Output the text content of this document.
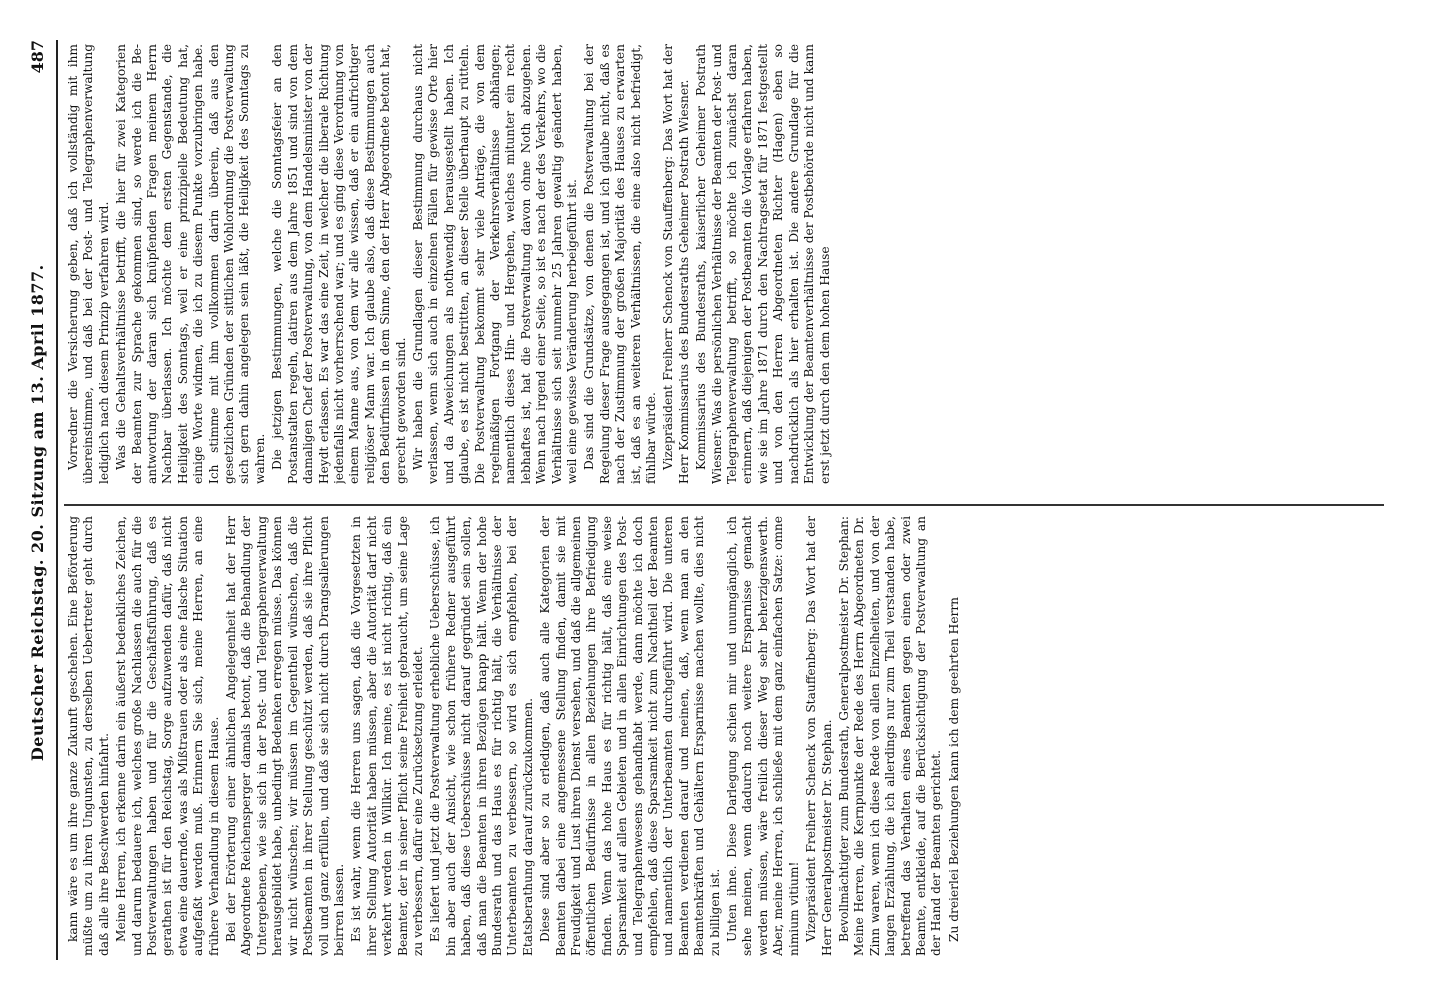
Deutscher Reichstag. 20. Sitzung am 13. April 1877.
487

kann wäre es um ihre ganze Zukunft geschehen. Eine Beförderung müßte um zu ihren Ungunsten, zu derselben Uebertreter geht durch daß alle ihre Beschwerden hinfahrt. Meine Herren, ich erkenne darin ein äußerst bedenkliches Zeichen, und darum bedauere ich, welches große Nachlassen die auch für die Postverwaltungen haben und für die Geschäftsführung, daß es gerathen ist für den Reichstag, Sorge aufzuwenden dafür, daß nicht etwa eine dauernde, was als Mißtrauen oder als eine falsche Situation aufgefaßt werden muß. Erinnern Sie sich, meine Herren, an eine frühere Verhandlung in diesem Hause. Bei der Erörterung einer ähnlichen Angelegenheit hat der Herr Abgeordnete Reichensperger damals betont, daß die Behandlung der Untergebenen, wie sie sich in der Post- und Telegraphenverwaltung herausgebildet habe, unbedingt Bedenken erregen müsse. Das können wir nicht wünschen; wir müssen im Gegentheil wünschen, daß die Postbeamten in ihrer Stellung geschützt werden, daß sie ihre Pflicht voll und ganz erfüllen, und daß sie sich nicht durch Drangsalierungen beirren lassen. Es ist wahr, wenn die Herren uns sagen, daß die Vorgesetzten in ihrer Stellung Autorität haben müssen, aber die Autorität darf nicht verkehrt werden in Willkür. Ich meine, es ist nicht richtig, daß ein Beamter, der in seiner Pflicht seine Freiheit gebraucht, um seine Lage zu verbessern, dafür eine Zurücksetzung erleidet. Es liefert und jetzt die Postverwaltung erhebliche Ueberschüsse, ich bin aber auch der Ansicht, wie schon frühere Redner ausgeführt haben, daß diese Ueberschüsse nicht darauf gegründet sein sollen, daß man die Beamten in ihren Bezügen knapp hält. Wenn der hohe Bundesrath und das Haus es für richtig hält, die Verhältnisse der Unterbeamten zu verbessern, so wird es sich empfehlen, bei der Etatsberathung darauf zurückzukommen. Diese sind aber so zu erledigen, daß auch alle Kategorien der Beamten dabei eine angemessene Stellung finden, damit sie mit Freudigkeit und Lust ihren Dienst versehen, und daß die allgemeinen öffentlichen Bedürfnisse in allen Beziehungen ihre Befriedigung finden. Wenn das hohe Haus es für richtig hält, daß eine weise Sparsamkeit auf allen Gebieten und in allen Einrichtungen des Post- und Telegraphenwesens gehandhabt werde, dann möchte ich doch empfehlen, daß diese Sparsamkeit nicht zum Nachtheil der Beamten und namentlich der Unterbeamten durchgeführt wird. Die unteren Beamten verdienen darauf und meinen, daß, wenn man an den Beamtenkräften und Gehältern Ersparnisse machen wollte, dies nicht zu billigen ist. Unten ihne. Diese Darlegung schien mir und unumgänglich, ich sehe meinen, wenn dadurch noch weitere Ersparnisse gemacht werden müssen, wäre freilich dieser Weg sehr beherzigenswerth. Aber, meine Herren, ich schließe mit dem ganz einfachen Satze: omne nimium vitium! Vizepräsident Freiherr Schenck von Stauffenberg: Das Wort hat der Herr Generalpostmeister Dr. Stephan. Bevollmächtigter zum Bundesrath, Generalpostmeister Dr. Stephan: Meine Herren, die Kernpunkte der Rede des Herrn Abgeordneten Dr. Zinn waren, wenn ich diese Rede von allen Einzelheiten, und von der langen Erzählung, die ich allerdings nur zum Theil verstanden habe, betreffend das Verhalten eines Beamten gegen einen oder zwei Beamte, entkleide, auf die Berücksichtigung der Postverwaltung an der Hand der Beamten gerichtet. Zu dreierlei Beziehungen kann ich dem geehrten Herrn

Vorredner die Versicherung geben, daß ich vollständig mit ihm übereinstimme, und daß bei der Post- und Telegraphenverwaltung lediglich nach diesem Prinzip verfahren wird. Was die Gehaltsverhältnisse betrifft, die hier für zwei Kategorien der Beamten zur Sprache gekommen sind, so werde ich die Beantwortung der daran sich knüpfenden Fragen meinem Herrn Nachbar überlassen. Ich möchte dem ersten Gegenstande, die Heiligkeit des Sonntags, weil er eine prinzipielle Bedeutung hat, einige Worte widmen, die ich zu diesem Punkte vorzubringen habe. Ich stimme mit ihm vollkommen darin überein, daß aus den gesetzlichen Gründen der sittlichen Wohlordnung die Postverwaltung sich gern dahin angelegen sein läßt, die Heiligkeit des Sonntags zu wahren. Die jetzigen Bestimmungen, welche die Sonntagsfeier an den Postanstalten regeln, datiren aus dem Jahre 1851 und sind von dem damaligen Chef der Postverwaltung, von dem Handelsminister von der Heydt erlassen. Es war das eine Zeit, in welcher die liberale Richtung jedenfalls nicht vorherrschend war; und es ging diese Verordnung von einem Manne aus, von dem wir alle wissen, daß er ein aufrichtiger religiöser Mann war. Ich glaube also, daß diese Bestimmungen auch den Bedürfnissen in dem Sinne, den der Herr Abgeordnete betont hat, gerecht geworden sind. Wir haben die Grundlagen dieser Bestimmung durchaus nicht verlassen, wenn sich auch in einzelnen Fällen für gewisse Orte hier und da Abweichungen als nothwendig herausgestellt haben. Ich glaube, es ist nicht bestritten, an dieser Stelle überhaupt zu rütteln. Die Postverwaltung bekommt sehr viele Anträge, die von dem regelmäßigen Fortgang der Verkehrsverhältnisse abhängen; namentlich dieses Hin- und Hergehen, welches mitunter ein recht lebhaftes ist, hat die Postverwaltung davon ohne Noth abzugehen. Wenn nach irgend einer Seite, so ist es nach der des Verkehrs, wo die Verhältnisse sich seit nunmehr 25 Jahren gewaltig geändert haben, weil eine gewisse Veränderung herbeigeführt ist. Das sind die Grundsätze, von denen die Postverwaltung bei der Regelung dieser Frage ausgegangen ist, und ich glaube nicht, daß es nach der Zustimmung der großen Majorität des Hauses zu erwarten ist, daß es an weiteren Verhältnissen, die eine also nicht befriedigt, fühlbar würde. Vizepräsident Freiherr Schenck von Stauffenberg: Das Wort hat der Herr Kommissarius des Bundesraths Geheimer Postrath Wiesner. Kommissarius des Bundesraths, kaiserlicher Geheimer Postrath Wiesner: Was die persönlichen Verhältnisse der Beamten der Post- und Telegraphenverwaltung betrifft, so möchte ich zunächst daran erinnern, daß diejenigen der Postbeamten die Vorlage erfahren haben, wie sie im Jahre 1871 durch den Nachtragsetat für 1871 festgestellt und von den Herren Abgeordneten Richter (Hagen) eben so nachdrücklich als hier erhalten ist. Die andere Grundlage für die Entwicklung der Beamtenverhältnisse der Postbehörde nicht und kann erst jetzt durch den dem hohen Hause
